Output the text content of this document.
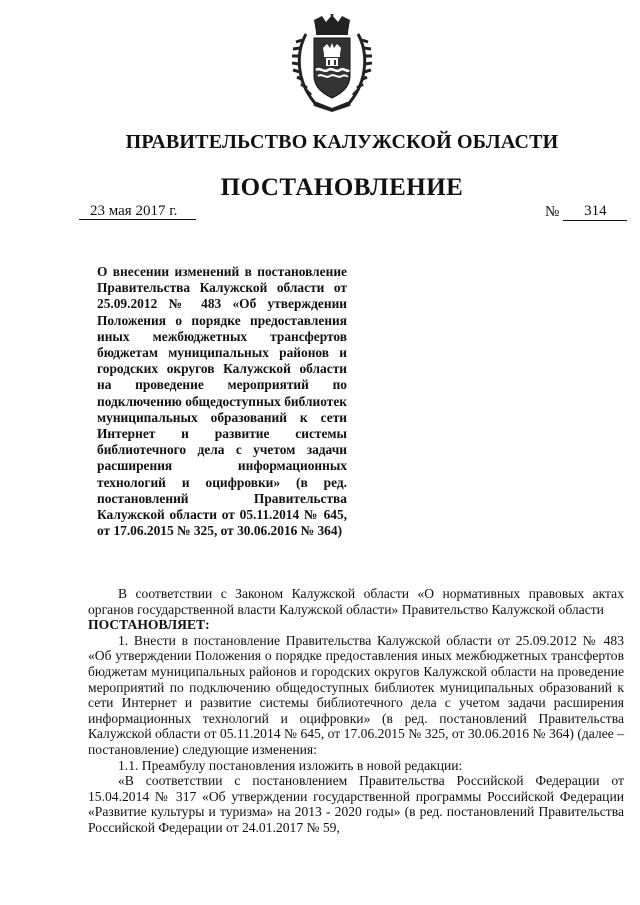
ПРАВИТЕЛЬСТВО КАЛУЖСКОЙ ОБЛАСТИ
ПОСТАНОВЛЕНИЕ
23 мая 2017 г.	№	314
О внесении изменений в постановление Правительства Калужской области от 25.09.2012 № 483 «Об утверждении Положения о порядке предоставления иных межбюджетных трансфертов бюджетам муниципальных районов и городских округов Калужской области на проведение мероприятий по подключению общедоступных библиотек муниципальных образований к сети Интернет и развитие системы библиотечного дела с учетом задачи расширения информационных технологий и оцифровки» (в ред. постановлений Правительства Калужской области от 05.11.2014 № 645, от 17.06.2015 № 325, от 30.06.2016 № 364)

В соответствии с Законом Калужской области «О нормативных правовых актах органов государственной власти Калужской области» Правительство Калужской области

ПОСТАНОВЛЯЕТ:

1. Внести в постановление Правительства Калужской области от 25.09.2012 № 483 «Об утверждении Положения о порядке предоставления иных межбюджетных трансфертов бюджетам муниципальных районов и городских округов Калужской области на проведение мероприятий по подключению общедоступных библиотек муниципальных образований к сети Интернет и развитие системы библиотечного дела с учетом задачи расширения информационных технологий и оцифровки» (в ред. постановлений Правительства Калужской области от 05.11.2014 № 645, от 17.06.2015 № 325, от 30.06.2016 № 364) (далее – постановление) следующие изменения:

1.1. Преамбулу постановления изложить в новой редакции:

«В соответствии с постановлением Правительства Российской Федерации от 15.04.2014 № 317 «Об утверждении государственной программы Российской Федерации «Развитие культуры и туризма» на 2013 - 2020 годы» (в ред. постановлений Правительства Российской Федерации от 24.01.2017 № 59,
